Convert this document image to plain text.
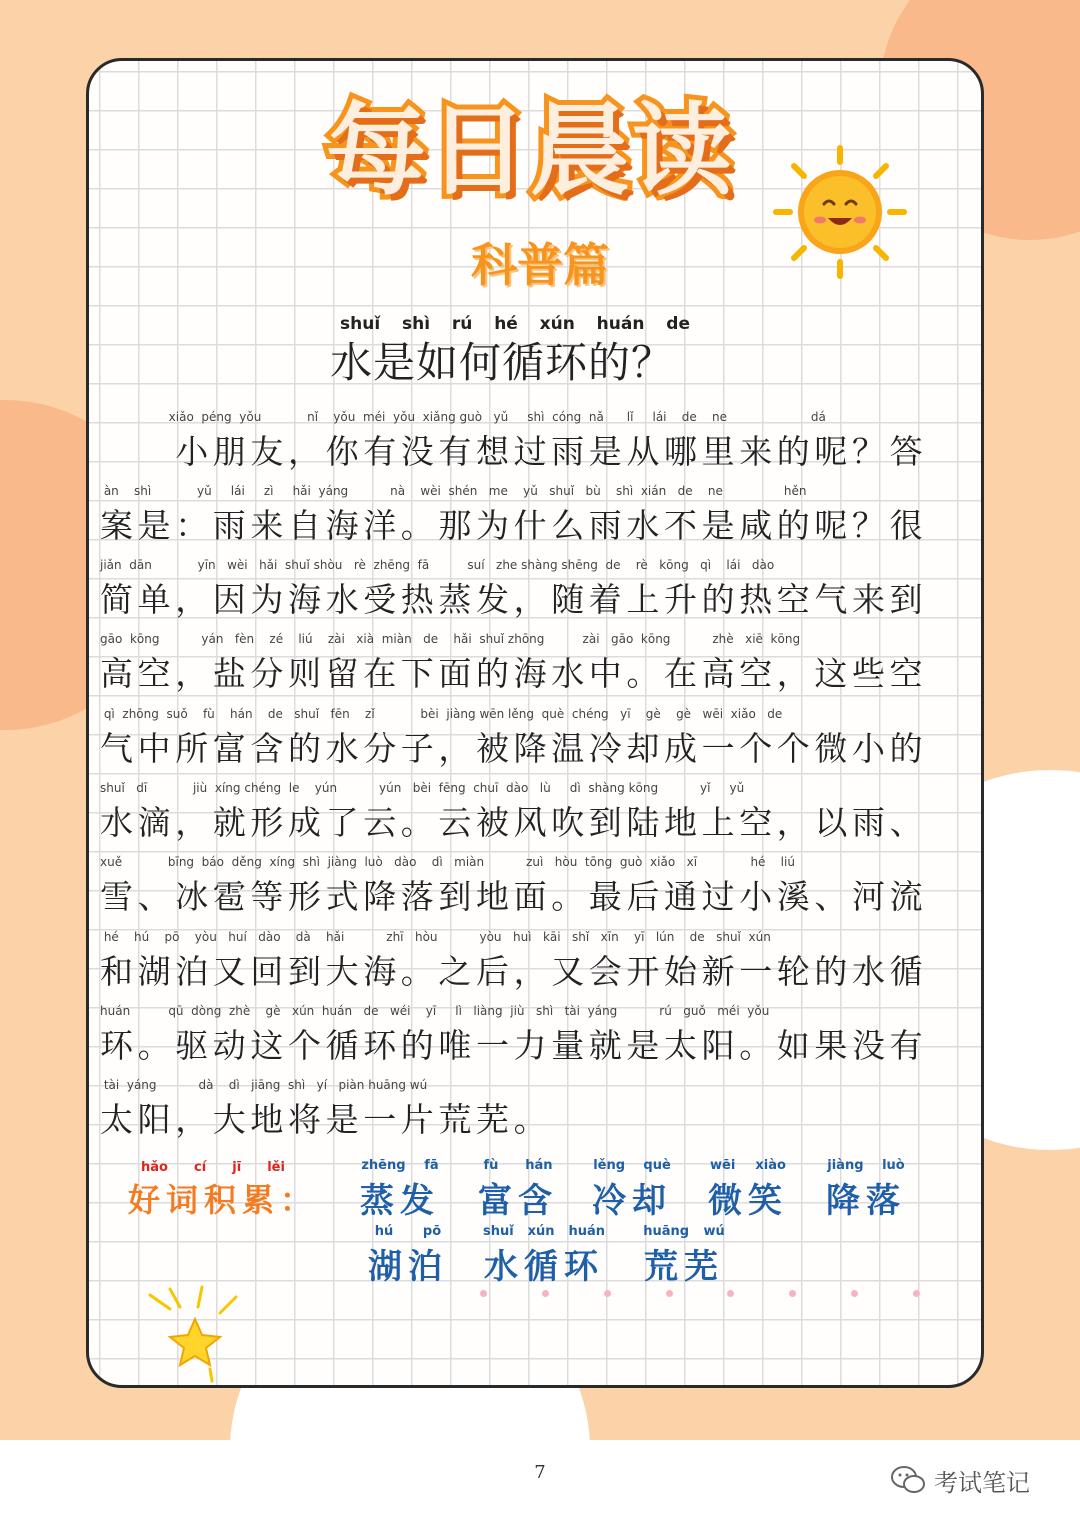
每日晨读
科普篇
shuǐ shì rú hé xún huán de
水是如何循环的？
xiǎo  péng  yǒu            nǐ    yǒu  méi  yǒu  xiǎng guò   yǔ     shì  cóng  nǎ      lǐ     lái    de    ne                      dá
　　小朋友，你有没有想过雨是从哪里来的呢？答
àn    shì            yǔ     lái     zì     hǎi  yáng           nà    wèi  shén   me    yǔ   shuǐ   bù    shì  xián   de    ne                hěn
案是：雨来自海洋。那为什么雨水不是咸的呢？很
jiǎn  dān            yīn   wèi   hǎi  shuǐ shòu   rè  zhēng  fā          suí   zhe shàng shēng  de    rè   kōng   qì    lái   dào
简单，因为海水受热蒸发，随着上升的热空气来到
gāo  kōng           yán   fèn    zé    liú    zài   xià  miàn   de    hǎi  shuǐ zhōng          zài   gāo  kōng           zhè   xiē  kōng
高空，盐分则留在下面的海水中。在高空，这些空
qì  zhōng  suǒ    fù    hán    de   shuǐ   fēn    zǐ            bèi  jiàng wēn lěng  què  chéng   yī    gè    gè   wēi  xiǎo   de
气中所富含的水分子，被降温冷却成一个个微小的
shuǐ   dī            jiù  xíng chéng  le    yún           yún   bèi  fēng  chuī  dào   lù     dì  shàng kōng           yǐ     yǔ
水滴，就形成了云。云被风吹到陆地上空，以雨、
xuě            bīng  báo  děng  xíng  shì  jiàng  luò   dào    dì   miàn           zuì   hòu  tōng  guò  xiǎo   xī              hé    liú
雪、冰雹等形式降落到地面。最后通过小溪、河流
hé    hú    pō    yòu   huí   dào    dà    hǎi           zhī   hòu           yòu   huì   kāi   shǐ   xīn    yī   lún    de   shuǐ  xún
和湖泊又回到大海。之后，又会开始新一轮的水循
huán          qū  dòng  zhè    gè   xún  huán   de   wéi    yī     lì   liàng  jiù   shì   tài  yáng           rú   guǒ   méi  yǒu
环。驱动这个循环的唯一力量就是太阳。如果没有
tài  yáng           dà    dì   jiāng  shì   yí   piàn huāng wú
太阳，大地将是一片荒芜。
hǎo cí jī lěi
好词积累：
zhēng fā
蒸发
fù hán
富含
lěng què
冷却
wēi xiào
微笑
jiàng luò
降落
hú pō
湖泊
shuǐ xún huán
水循环
huāng wú
荒芜
7	考试笔记
